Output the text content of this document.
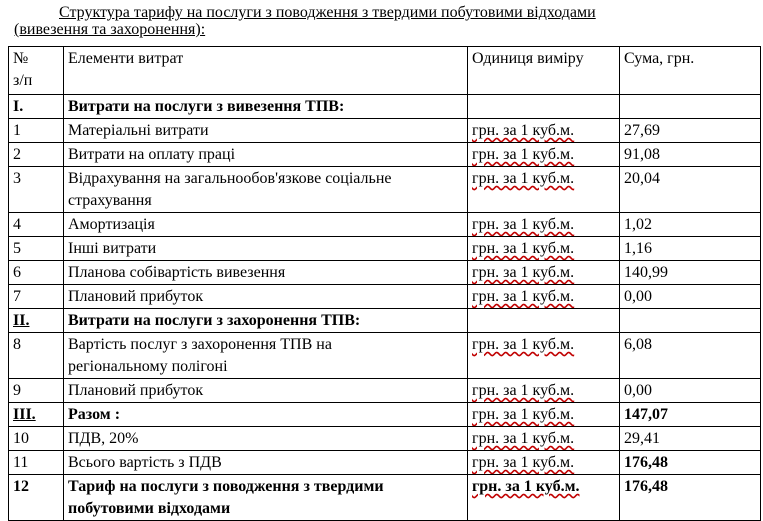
Структура тарифу на послуги з поводження з твердими побутовими відходами
(вивезення та захоронення):
№ з/п	Елементи витрат	Одиниця виміру	Сума, грн.
I.	Витрати на послуги з вивезення ТПВ:		
1	Матеріальні витрати	грн. за 1 куб.м.	27,69
2	Витрати на оплату праці	грн. за 1 куб.м.	91,08
3	Відрахування на загальнообов'язкове соціальне страхування	грн. за 1 куб.м.	20,04
4	Амортизація	грн. за 1 куб.м.	1,02
5	Інші витрати	грн. за 1 куб.м.	1,16
6	Планова собівартість вивезення	грн. за 1 куб.м.	140,99
7	Плановий прибуток	грн. за 1 куб.м.	0,00
II.	Витрати на послуги з захоронення ТПВ:		
8	Вартість послуг з захоронення ТПВ на регіональному полігоні	грн. за 1 куб.м.	6,08
9	Плановий прибуток	грн. за 1 куб.м.	0,00
III.	Разом :	грн. за 1 куб.м.	147,07
10	ПДВ, 20%	грн. за 1 куб.м.	29,41
11	Всього вартість з ПДВ	грн. за 1 куб.м.	176,48
12	Тариф на послуги з поводження з твердими побутовими відходами	грн. за 1 куб.м.	176,48
